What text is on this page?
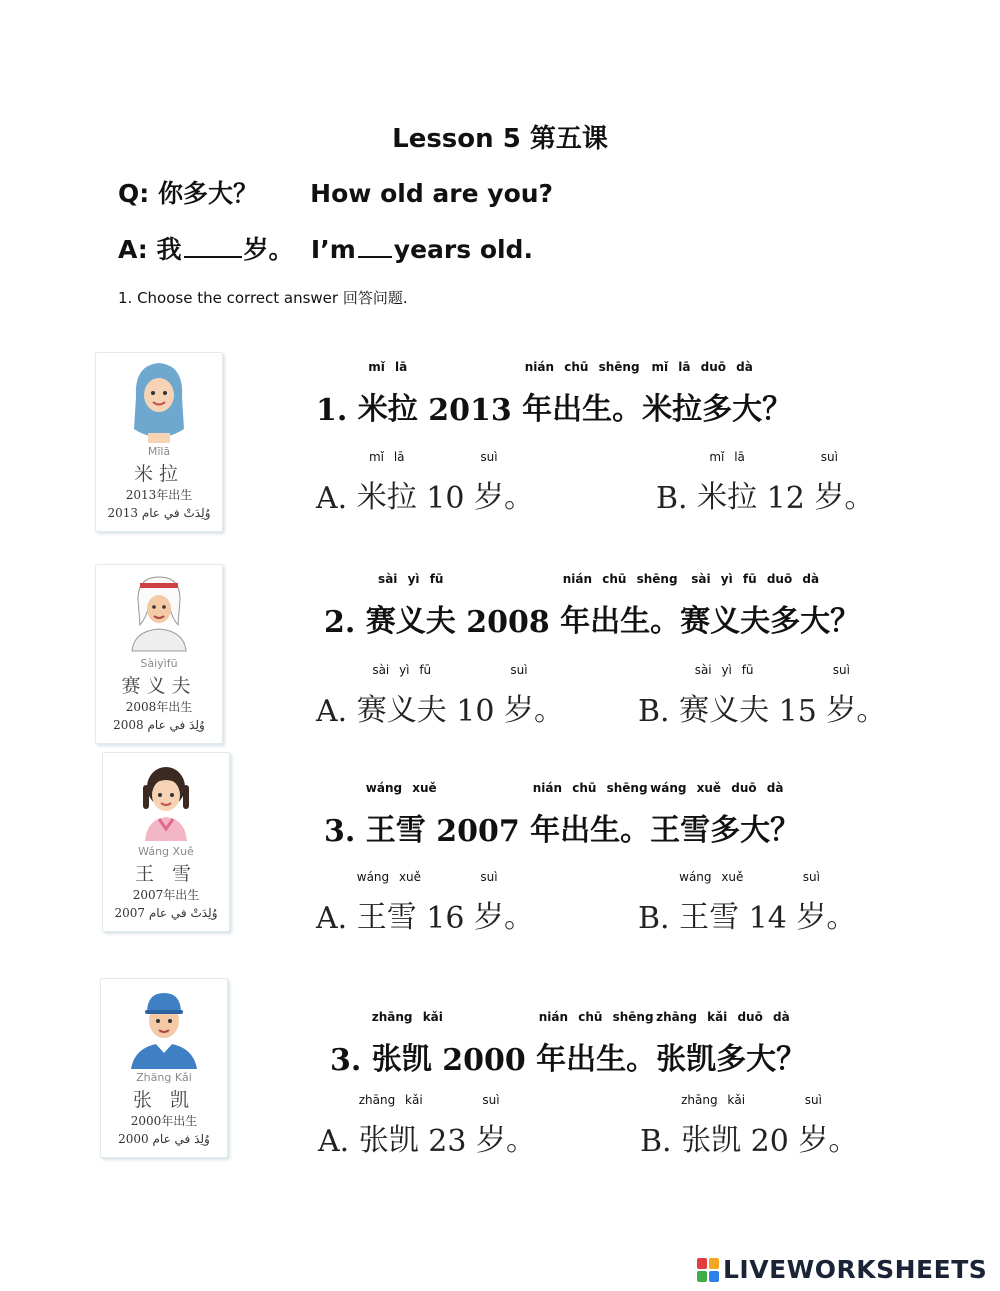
Lesson 5 第五课
Q: 你多大？      How old are you?
A: 我 岁。  I’m years old.
1. Choose the correct answer 回答问题.
Mīlā
米拉
2013年出生
وُلِدَتْ في عام 2013
Sàiyìfū
赛义夫
2008年出生
وُلِدَ في عام 2008
Wáng Xuě
王 雪
2007年出生
وُلِدَتْ في عام 2007
Zhāng Kǎi
张 凯
2000年出生
وُلِدَ في عام 2000
1.
mǐ lā
米拉 2013
nián chū shēng
年出生。
mǐ lā duō dà
米拉多大 ？
A.
mǐ lā
米拉 10
suì
岁 。	B.
mǐ lā
米拉 12
suì
岁 。
2.
sài yì fū
赛义夫 2008
nián chū shēng
年出生。
sài yì fū duō dà
赛义夫多大 ？
A.
sài yì fū
赛义夫 10
suì
岁 。 B.
sài yì fū
赛义夫 15
suì
岁 。
3.
wáng xuě
王雪 2007
nián chū shēng
年出生。
wáng xuě duō dà
王雪多大 ？
A.
wáng xuě
王雪 16
suì
岁 。	B.
wáng xuě
王雪 14
suì
岁 。
3.
zhāng kǎi
张凯 2000
nián chū shēng
年出生。
zhāng kǎi duō dà
张凯多大 ？
A.
zhāng kǎi
张凯 23
suì
岁 。	B.
zhāng kǎi
张凯 20
suì
岁 。
LIVEWORKSHEETS
